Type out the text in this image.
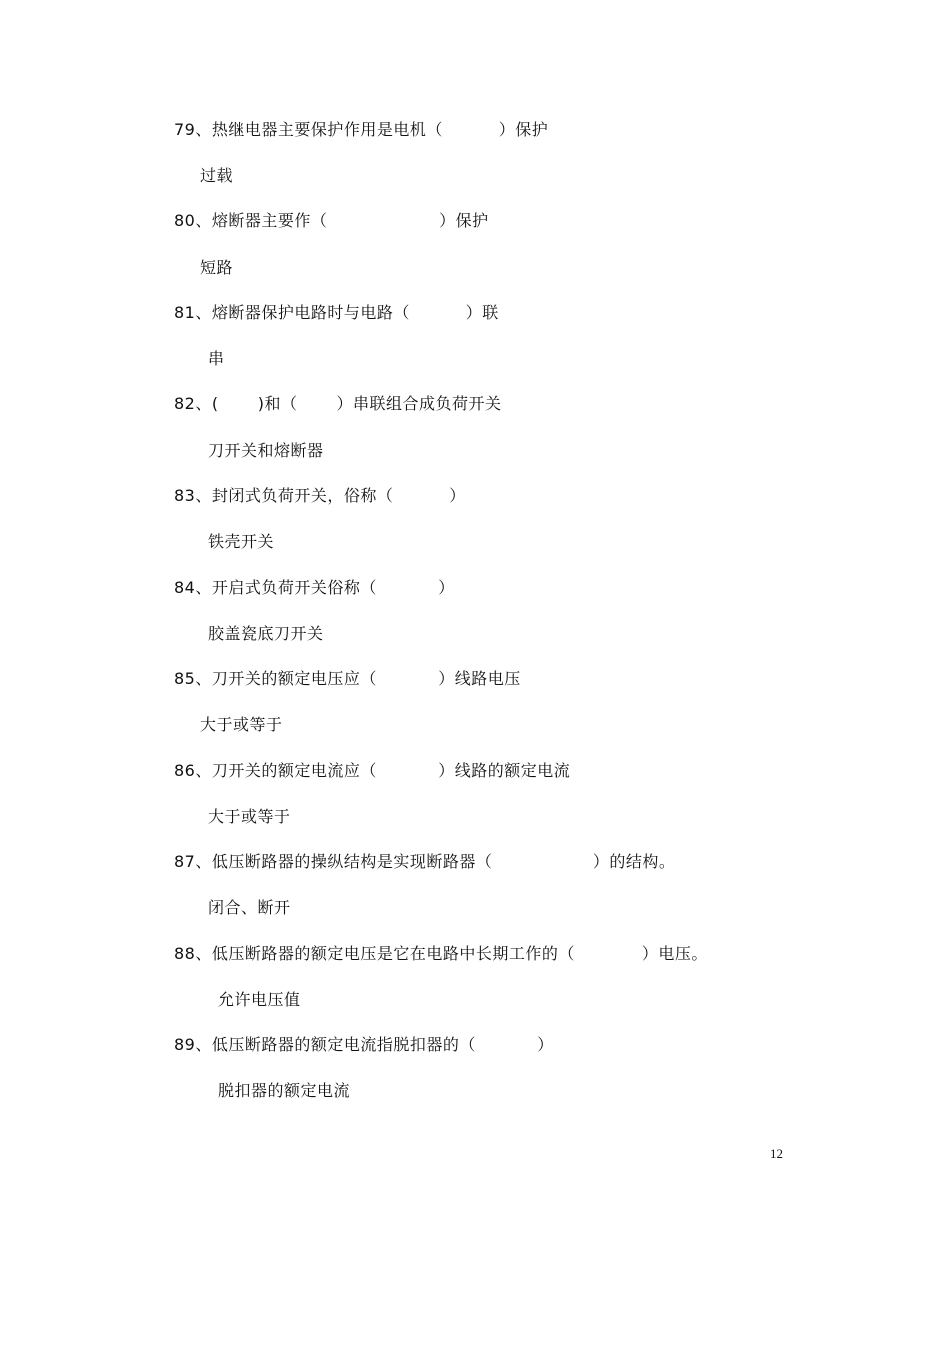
79、热继电器主要保护作用是电机（          ）保护
过载
80、熔断器主要作（                    ）保护
短路
81、熔断器保护电路时与电路（          ）联
串
82、(       )和（       ）串联组合成负荷开关
刀开关和熔断器
83、封闭式负荷开关，俗称（          ）
铁壳开关
84、开启式负荷开关俗称（           ）
胶盖瓷底刀开关
85、刀开关的额定电压应（           ）线路电压
大于或等于
86、刀开关的额定电流应（           ）线路的额定电流
大于或等于
87、低压断路器的操纵结构是实现断路器（                  ）的结构。
闭合、断开
88、低压断路器的额定电压是它在电路中长期工作的（            ）电压。
允许电压值
89、低压断路器的额定电流指脱扣器的（           ）
脱扣器的额定电流
12
